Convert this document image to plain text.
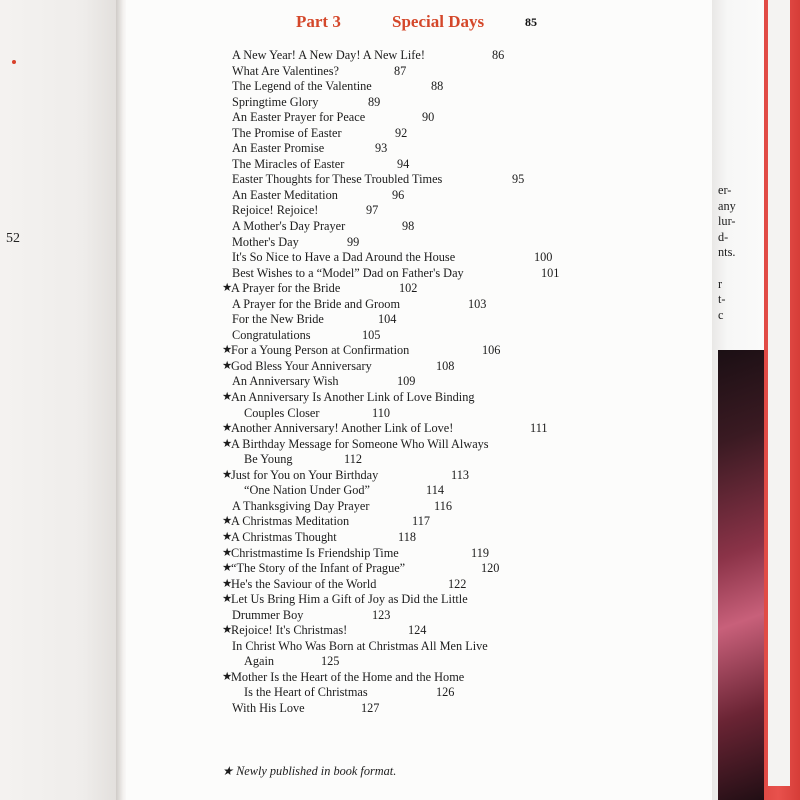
52
Part 3	Special Days	85
A New Year! A New Day! A New Life!	86
What Are Valentines?	87
The Legend of the Valentine	88
Springtime Glory	89
An Easter Prayer for Peace	90
The Promise of Easter	92
An Easter Promise	93
The Miracles of Easter	94
Easter Thoughts for These Troubled Times	95
An Easter Meditation	96
Rejoice! Rejoice!	97
A Mother's Day Prayer	98
Mother's Day	99
It's So Nice to Have a Dad Around the House	100
Best Wishes to a “Model” Dad on Father's Day	101
★
A Prayer for the Bride	102
A Prayer for the Bride and Groom	103
For the New Bride	104
Congratulations	105
★
For a Young Person at Confirmation	106
★
God Bless Your Anniversary	108
An Anniversary Wish	109
★
An Anniversary Is Another Link of Love Binding
Couples Closer	110
★
Another Anniversary! Another Link of Love!	111
★
A Birthday Message for Someone Who Will Always
Be Young	112
★
Just for You on Your Birthday	113
“One Nation Under God”	114
A Thanksgiving Day Prayer	116
★
A Christmas Meditation	117
★
A Christmas Thought	118
★
Christmastime Is Friendship Time	119
★
“The Story of the Infant of Prague”	120
★
He's the Saviour of the World	122
★
Let Us Bring Him a Gift of Joy as Did the Little
Drummer Boy	123
★
Rejoice! It's Christmas!	124
In Christ Who Was Born at Christmas All Men Live
Again	125
★
Mother Is the Heart of the Home and the Home
Is the Heart of Christmas	126
With His Love	127
★ Newly published in book format.
er-
any
lur-
d-
nts.
r
t-
c
